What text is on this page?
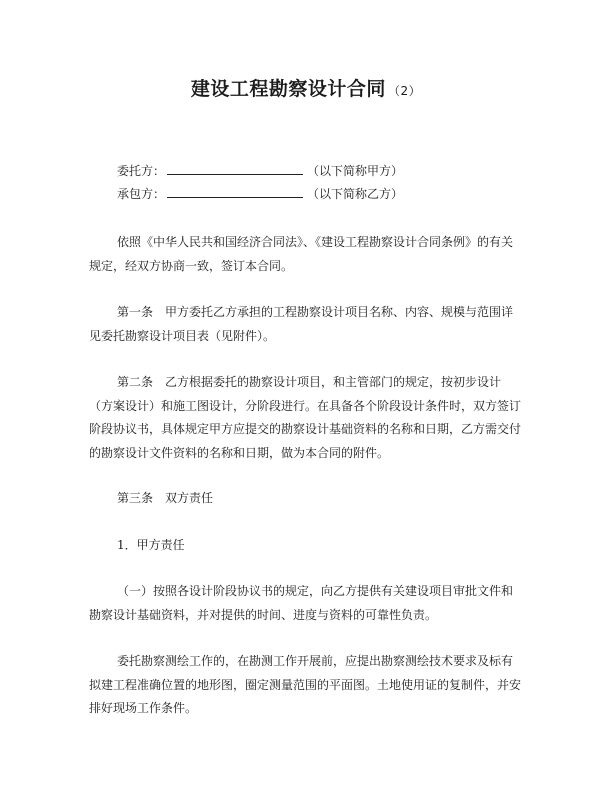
建设工程勘察设计合同 （2）
委托方：	（以下简称甲方）
承包方：	（以下简称乙方）

依照《中华人民共和国经济合同法》、《建设工程勘察设计合同条例》的有关规定，经双方协商一致，签订本合同。

第一条　甲方委托乙方承担的工程勘察设计项目名称、内容、规模与范围详见委托勘察设计项目表（见附件）。

第二条　乙方根据委托的勘察设计项目，和主管部门的规定，按初步设计（方案设计）和施工图设计，分阶段进行。在具备各个阶段设计条件时，双方签订阶段协议书，具体规定甲方应提交的勘察设计基础资料的名称和日期，乙方需交付的勘察设计文件资料的名称和日期，做为本合同的附件。

第三条　双方责任

1．甲方责任

（一）按照各设计阶段协议书的规定，向乙方提供有关建设项目审批文件和勘察设计基础资料，并对提供的时间、进度与资料的可靠性负责。

委托勘察测绘工作的，在勘测工作开展前，应提出勘察测绘技术要求及标有拟建工程准确位置的地形图，圈定测量范围的平面图。土地使用证的复制件，并安排好现场工作条件。
